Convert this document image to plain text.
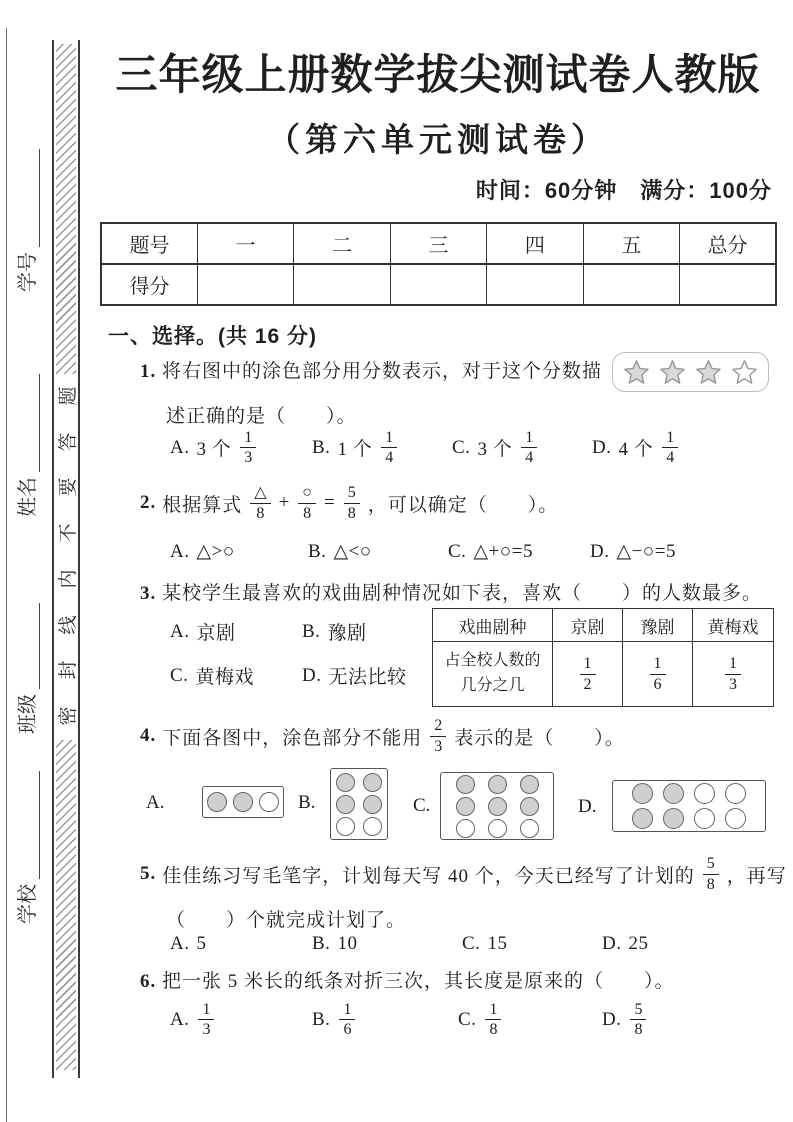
题
答
要
不
内
线
封
密
学号
姓名
班级
学校
三年级上册数学拔尖测试卷人教版
（第六单元测试卷）
时间：60分钟　满分：100分
题号	一	二	三	四	五	总分
得分						
一、选择。(共 16 分)
1. 将右图中的涂色部分用分数表示，对于这个分数描
述正确的是（　　）。
A. 3 个 $\frac{1}{3}$	B. 1 个 $\frac{1}{4}$	C. 3 个 $\frac{1}{4}$	D. 4 个 $\frac{1}{4}$
2. 根据算式 $\frac{\triangle}{8} + \frac{○}{8} = \frac{5}{8}$ ，可以确定（　　）。
A. △>○	B. △<○	C. △+○=5	D. △−○=5
3. 某校学生最喜欢的戏曲剧种情况如下表，喜欢（　　）的人数最多。
A. 京剧	B. 豫剧
C. 黄梅戏	D. 无法比较
戏曲剧种	京剧	豫剧	黄梅戏

占全校人数的
几分之几	$\frac{1}{2}$	$\frac{1}{6}$	$\frac{1}{3}$
4. 下面各图中，涂色部分不能用 $\frac{2}{3}$ 表示的是（　　）。
A.	B.	C.	D.
5. 佳佳练习写毛笔字，计划每天写 40 个，今天已经写了计划的 $\frac{5}{8}$ ，再写
（　　）个就完成计划了。
A. 5	B. 10	C. 15	D. 25
6. 把一张 5 米长的纸条对折三次，其长度是原来的（　　）。
A. $\frac{1}{3}$	B. $\frac{1}{6}$	C. $\frac{1}{8}$	D. $\frac{5}{8}$
